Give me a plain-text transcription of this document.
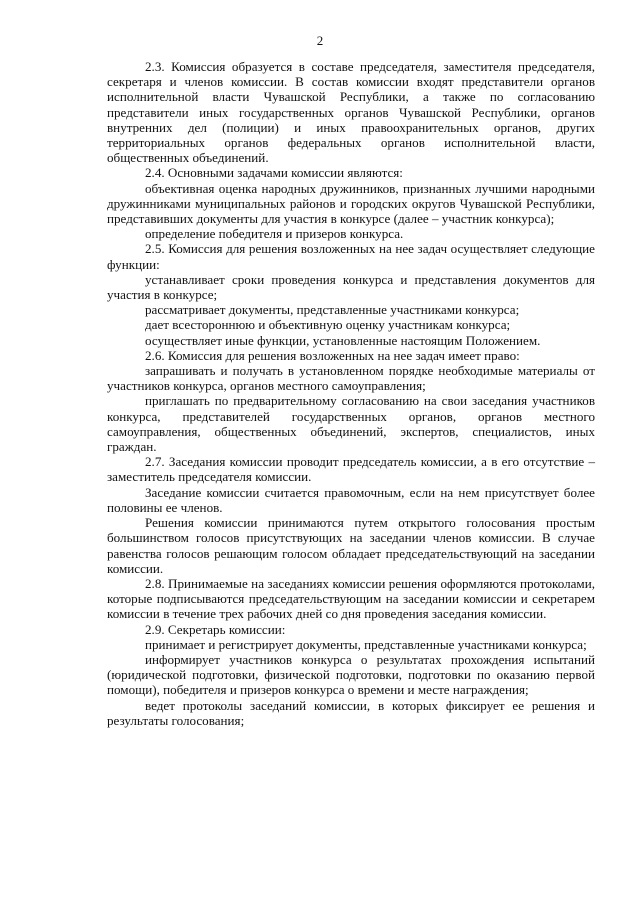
2

2.3. Комиссия образуется в составе председателя, заместителя председателя, секретаря и членов комиссии. В состав комиссии входят представители органов исполнительной власти Чувашской Республики, а также по согласованию представители иных государственных органов Чувашской Республики, органов внутренних дел (полиции) и иных правоохранительных органов, других территориальных органов федеральных органов исполнительной власти, общественных объединений.

2.4. Основными задачами комиссии являются:

объективная оценка народных дружинников, признанных лучшими народными дружинниками муниципальных районов и городских округов Чувашской Республики, представивших документы для участия в конкурсе (далее – участник конкурса);

определение победителя и призеров конкурса.

2.5. Комиссия для решения возложенных на нее задач осуществляет следующие функции:

устанавливает сроки проведения конкурса и представления документов для участия в конкурсе;

рассматривает документы, представленные участниками конкурса;

дает всестороннюю и объективную оценку участникам конкурса;

осуществляет иные функции, установленные настоящим Положением.

2.6. Комиссия для решения возложенных на нее задач имеет право:

запрашивать и получать в установленном порядке необходимые материалы от участников конкурса, органов местного самоуправления;

приглашать по предварительному согласованию на свои заседания участников конкурса, представителей государственных органов, органов местного самоуправления, общественных объединений, экспертов, специалистов, иных граждан.

2.7. Заседания комиссии проводит председатель комиссии, а в его отсутствие – заместитель председателя комиссии.

Заседание комиссии считается правомочным, если на нем присутствует более половины ее членов.

Решения комиссии принимаются путем открытого голосования простым большинством голосов присутствующих на заседании членов комиссии. В случае равенства голосов решающим голосом обладает председательствующий на заседании комиссии.

2.8. Принимаемые на заседаниях комиссии решения оформляются протоколами, которые подписываются председательствующим на заседании комиссии и секретарем комиссии в течение трех рабочих дней со дня проведения заседания комиссии.

2.9. Секретарь комиссии:

принимает и регистрирует документы, представленные участниками конкурса;

информирует участников конкурса о результатах прохождения испытаний (юридической подготовки, физической подготовки, подготовки по оказанию первой помощи), победителя и призеров конкурса о времени и месте награждения;

ведет протоколы заседаний комиссии, в которых фиксирует ее решения и результаты голосования;
